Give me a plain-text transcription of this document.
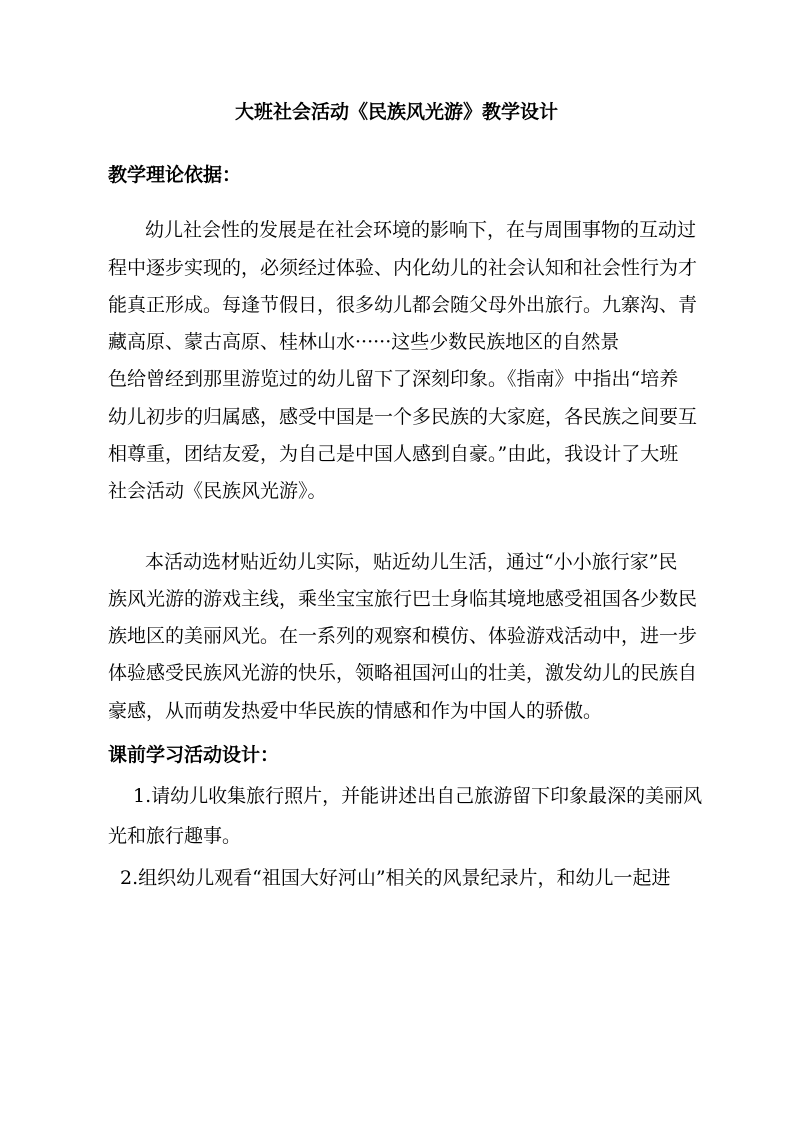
大班社会活动《民族风光游》教学设计
教学理论依据：
幼儿社会性的发展是在社会环境的影响下，在与周围事物的互动过
程中逐步实现的，必须经过体验、内化幼儿的社会认知和社会性行为才
能真正形成。每逢节假日，很多幼儿都会随父母外出旅行。九寨沟、青
藏高原、蒙古高原、桂林山水······这些少数民族地区的自然景
色给曾经到那里游览过的幼儿留下了深刻印象。《指南》中指出“培养
幼儿初步的归属感，感受中国是一个多民族的大家庭，各民族之间要互
相尊重，团结友爱，为自己是中国人感到自豪。”由此，我设计了大班
社会活动《民族风光游》。
本活动选材贴近幼儿实际，贴近幼儿生活，通过“小小旅行家”民
族风光游的游戏主线，乘坐宝宝旅行巴士身临其境地感受祖国各少数民
族地区的美丽风光。在一系列的观察和模仿、体验游戏活动中，进一步
体验感受民族风光游的快乐，领略祖国河山的壮美，激发幼儿的民族自
豪感，从而萌发热爱中华民族的情感和作为中国人的骄傲。
课前学习活动设计：
1.请幼儿收集旅行照片，并能讲述出自己旅游留下印象最深的美丽风
光和旅行趣事。
2.组织幼儿观看“祖国大好河山”相关的风景纪录片，和幼儿一起进
